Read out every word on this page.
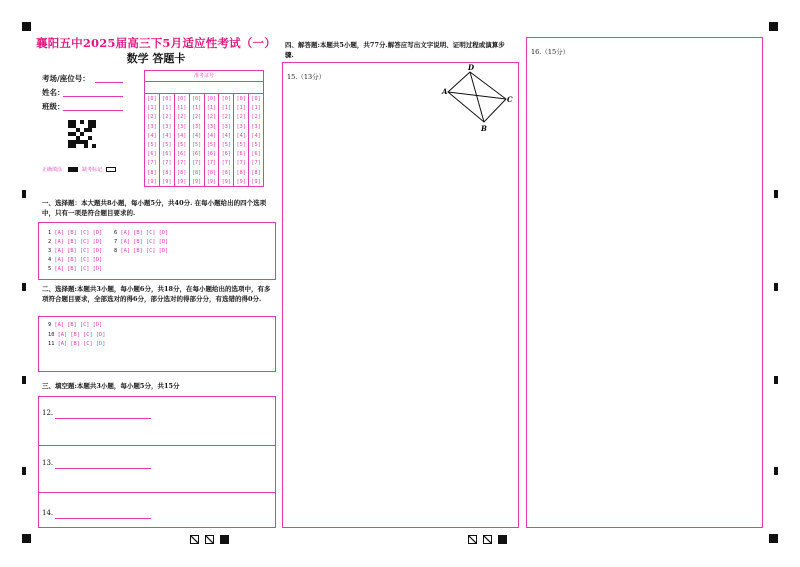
襄阳五中2025届高三下5月适应性考试（一）
数学 答题卡
考场/座位号：
姓名：
班级：
准考证号
[0]
[1]
[2]
[3]
[4]
[5]
[6]
[7]
[8]
[9]
[0]
[1]
[2]
[3]
[4]
[5]
[6]
[7]
[8]
[9]
[0]
[1]
[2]
[3]
[4]
[5]
[6]
[7]
[8]
[9]
[0]
[1]
[2]
[3]
[4]
[5]
[6]
[7]
[8]
[9]
[0]
[1]
[2]
[3]
[4]
[5]
[6]
[7]
[8]
[9]
[0]
[1]
[2]
[3]
[4]
[5]
[6]
[7]
[8]
[9]
[0]
[1]
[2]
[3]
[4]
[5]
[6]
[7]
[8]
[9]
[0]
[1]
[2]
[3]
[4]
[5]
[6]
[7]
[8]
[9]
正确填涂	缺考标记
一、选择题：本大题共8小题，每小题5分，共40分. 在每小题给出的四个选项中，只有一项是符合题目要求的.
1 [A] [B] [C] [D]
2 [A] [B] [C] [D]
3 [A] [B] [C] [D]
4 [A] [B] [C] [D]
5 [A] [B] [C] [D]
6 [A] [B] [C] [D]
7 [A] [B] [C] [D]
8 [A] [B] [C] [D]
二、选择题:本题共3小题，每小题6分，共18分，在每小题给出的选项中，有多项符合题目要求，全部选对的得6分，部分选对的得部分分，有选错的得0分.
9 [A] [B] [C] [D]
10 [A] [B] [C] [D]
11 [A] [B] [C] [D]
三、填空题:本题共3小题，每小题5分，共15分
12.
13.
14.
四、解答题:本题共5小题，共77分.解答应写出文字说明、证明过程或演算步骤.
15.（13分）
D
A
C
B
16.（15分）
